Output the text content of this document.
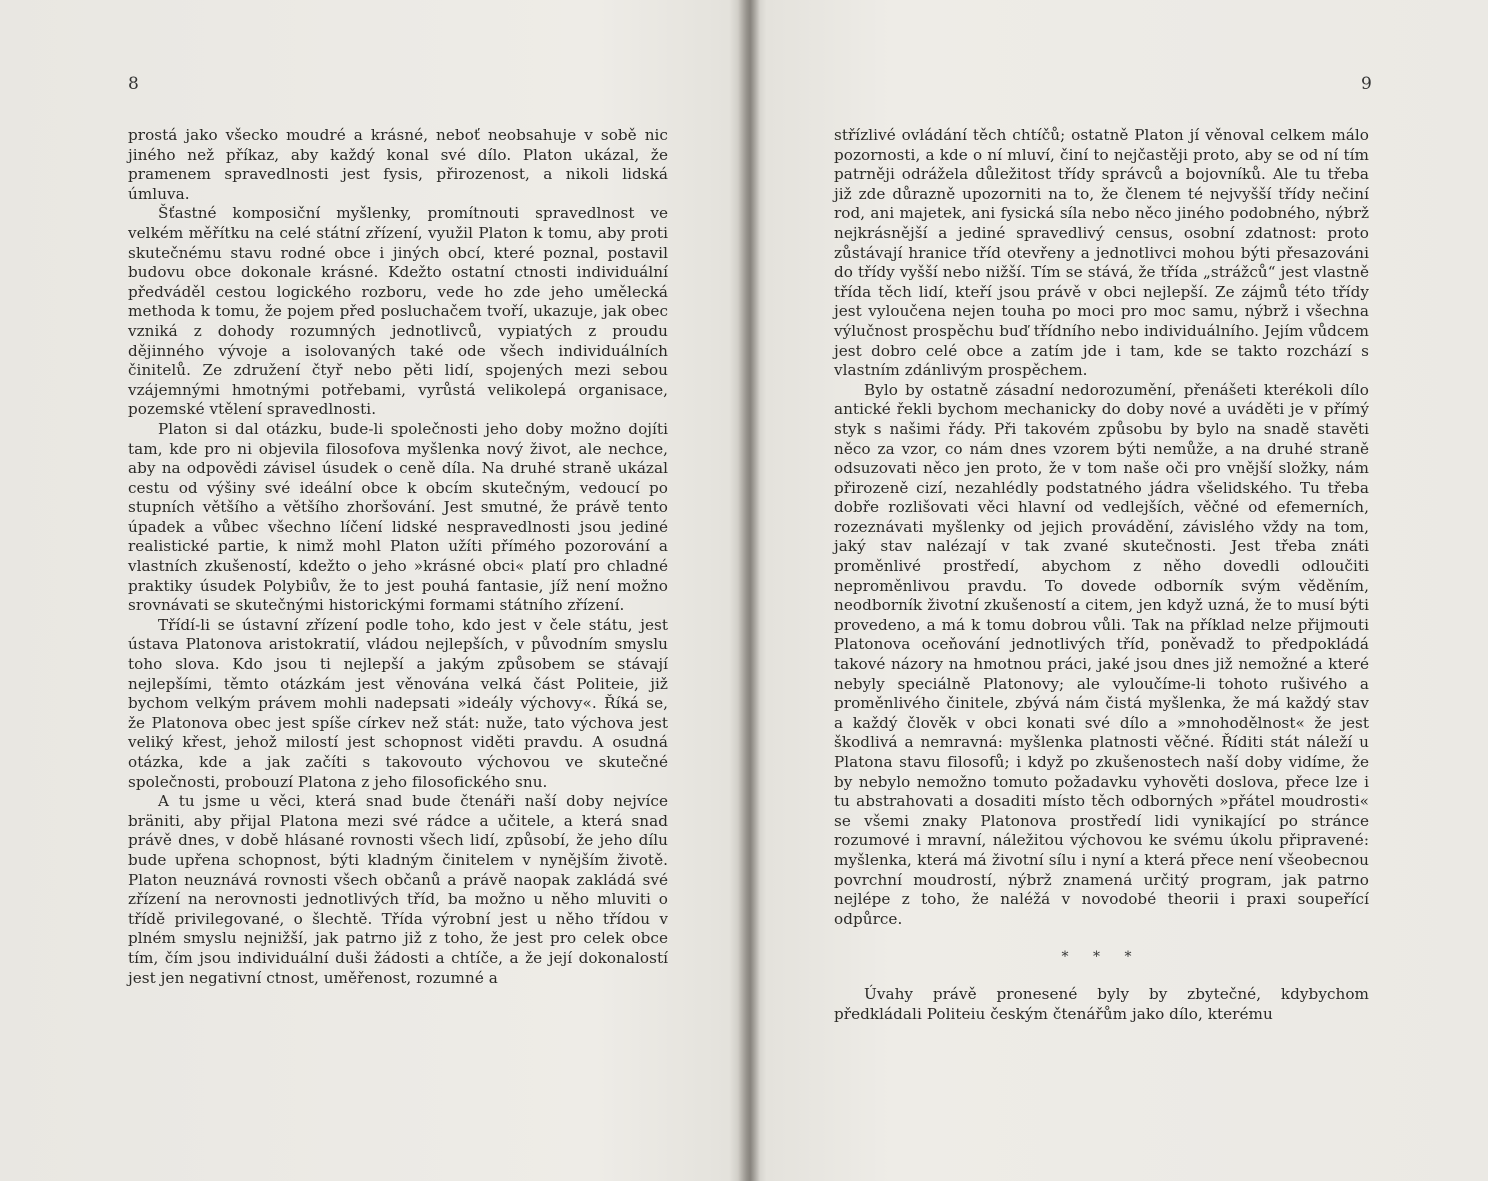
8

prostá jako všecko moudré a krásné, neboť neobsahuje v sobě nic jiného než příkaz, aby každý konal své dílo. Platon ukázal, že pramenem spravedlnosti jest fysis, přirozenost, a nikoli lidská úmluva.

Šťastné komposiční myšlenky, promítnouti spravedlnost ve velkém měřítku na celé státní zřízení, využil Platon k tomu, aby proti skutečnému stavu rodné obce i jiných obcí, které poznal, postavil budovu obce dokonale krásné. Kdežto ostatní ctnosti individuální předváděl cestou logického rozboru, vede ho zde jeho umělecká methoda k tomu, že pojem před posluchačem tvoří, ukazuje, jak obec vzniká z dohody rozumných jednotlivců, vypiatých z proudu dějinného vývoje a isolovaných také ode všech individuálních činitelů. Ze združení čtyř nebo pěti lidí, spojených mezi sebou vzájemnými hmotnými potřebami, vyrůstá velikolepá organisace, pozemské vtělení spravedlnosti.

Platon si dal otázku, bude-li společnosti jeho doby možno dojíti tam, kde pro ni objevila filosofova myšlenka nový život, ale nechce, aby na odpovědi závisel úsudek o ceně díla. Na druhé straně ukázal cestu od výšiny své ideální obce k obcím skutečným, vedoucí po stupních většího a většího zhoršování. Jest smutné, že právě tento úpadek a vůbec všechno líčení lidské nespravedlnosti jsou jediné realistické partie, k nimž mohl Platon užíti přímého pozorování a vlastních zkušeností, kdežto o jeho »krásné obci« platí pro chladné praktiky úsudek Polybiův, že to jest pouhá fantasie, jíž není možno srovnávati se skutečnými historickými formami státního zřízení.

Třídí-li se ústavní zřízení podle toho, kdo jest v čele státu, jest ústava Platonova aristokratií, vládou nejlepších, v původním smyslu toho slova. Kdo jsou ti nejlepší a jakým způsobem se stávají nejlepšími, těmto otázkám jest věnována velká část Politeie, již bychom velkým právem mohli nadepsati »ideály výchovy«. Říká se, že Platonova obec jest spíše církev než stát: nuže, tato výchova jest veliký křest, jehož milostí jest schopnost viděti pravdu. A osudná otázka, kde a jak začíti s takovouto výchovou ve skutečné společnosti, probouzí Platona z jeho filosofického snu.

A tu jsme u věci, která snad bude čtenáři naší doby nejvíce bräniti, aby přijal Platona mezi své rádce a učitele, a která snad právě dnes, v době hlásané rovnosti všech lidí, způsobí, že jeho dílu bude upřena schopnost, býti kladným činitelem v nynějším životě. Platon neuznává rovnosti všech občanů a právě naopak zakládá své zřízení na nerovnosti jednotlivých tříd, ba možno u něho mluviti o třídě privilegované, o šlechtě. Třída výrobní jest u něho třídou v plném smyslu nejnižší, jak patrno již z toho, že jest pro celek obce tím, čím jsou individuální duši žádosti a chtíče, a že její dokonalostí jest jen negativní ctnost, uměřenost, rozumné a

9

střízlivé ovládání těch chtíčů; ostatně Platon jí věnoval celkem málo pozornosti, a kde o ní mluví, činí to nejčastěji proto, aby se od ní tím patrněji odrážela důležitost třídy správců a bojovníků. Ale tu třeba již zde důrazně upozorniti na to, že členem té nejvyšší třídy nečiní rod, ani majetek, ani fysická síla nebo něco jiného podobného, nýbrž nejkrásnější a jediné spravedlivý census, osobní zdatnost: proto zůstávají hranice tříd otevřeny a jednotlivci mohou býti přesazováni do třídy vyšší nebo nižší. Tím se stává, že třída „strážců“ jest vlastně třída těch lidí, kteří jsou právě v obci nejlepší. Ze zájmů této třídy jest vyloučena nejen touha po moci pro moc samu, nýbrž i všechna výlučnost prospěchu buď třídního nebo individuálního. Jejím vůdcem jest dobro celé obce a zatím jde i tam, kde se takto rozchází s vlastním zdánlivým prospěchem.

Bylo by ostatně zásadní nedorozumění, přenášeti kterékoli dílo antické řekli bychom mechanicky do doby nové a uváděti je v přímý styk s našimi řády. Při takovém způsobu by bylo na snadě stavěti něco za vzor, co nám dnes vzorem býti nemůže, a na druhé straně odsuzovati něco jen proto, že v tom naše oči pro vnější složky, nám přirozeně cizí, nezahlédly podstatného jádra všelidského. Tu třeba dobře rozlišovati věci hlavní od vedlejších, věčné od efemerních, rozeznávati myšlenky od jejich provádění, závislého vždy na tom, jaký stav nalézají v tak zvané skutečnosti. Jest třeba znáti proměnlivé prostředí, abychom z něho dovedli odloučiti neproměnlivou pravdu. To dovede odborník svým věděním, neodborník životní zkušeností a citem, jen když uzná, že to musí býti provedeno, a má k tomu dobrou vůli. Tak na příklad nelze přijmouti Platonova oceňování jednotlivých tříd, poněvadž to předpokládá takové názory na hmotnou práci, jaké jsou dnes již nemožné a které nebyly speciálně Platonovy; ale vyloučíme-li tohoto rušivého a proměnlivého činitele, zbývá nám čistá myšlenka, že má každý stav a každý člověk v obci konati své dílo a »mnohodělnost« že jest škodlivá a nemravná: myšlenka platnosti věčné. Říditi stát náleží u Platona stavu filosofů; i když po zkušenostech naší doby vidíme, že by nebylo nemožno tomuto požadavku vyhověti doslova, přece lze i tu abstrahovati a dosaditi místo těch odborných »přátel moudrosti« se všemi znaky Platonova prostředí lidi vynikající po stránce rozumové i mravní, náležitou výchovou ke svému úkolu připravené: myšlenka, která má životní sílu i nyní a která přece není všeobecnou povrchní moudrostí, nýbrž znamená určitý program, jak patrno nejlépe z toho, že naléžá v novodobé theorii i praxi soupeřící odpůrce.

* * *

Úvahy právě pronesené byly by zbytečné, kdybychom předkládali Politeiu českým čtenářům jako dílo, kterému
